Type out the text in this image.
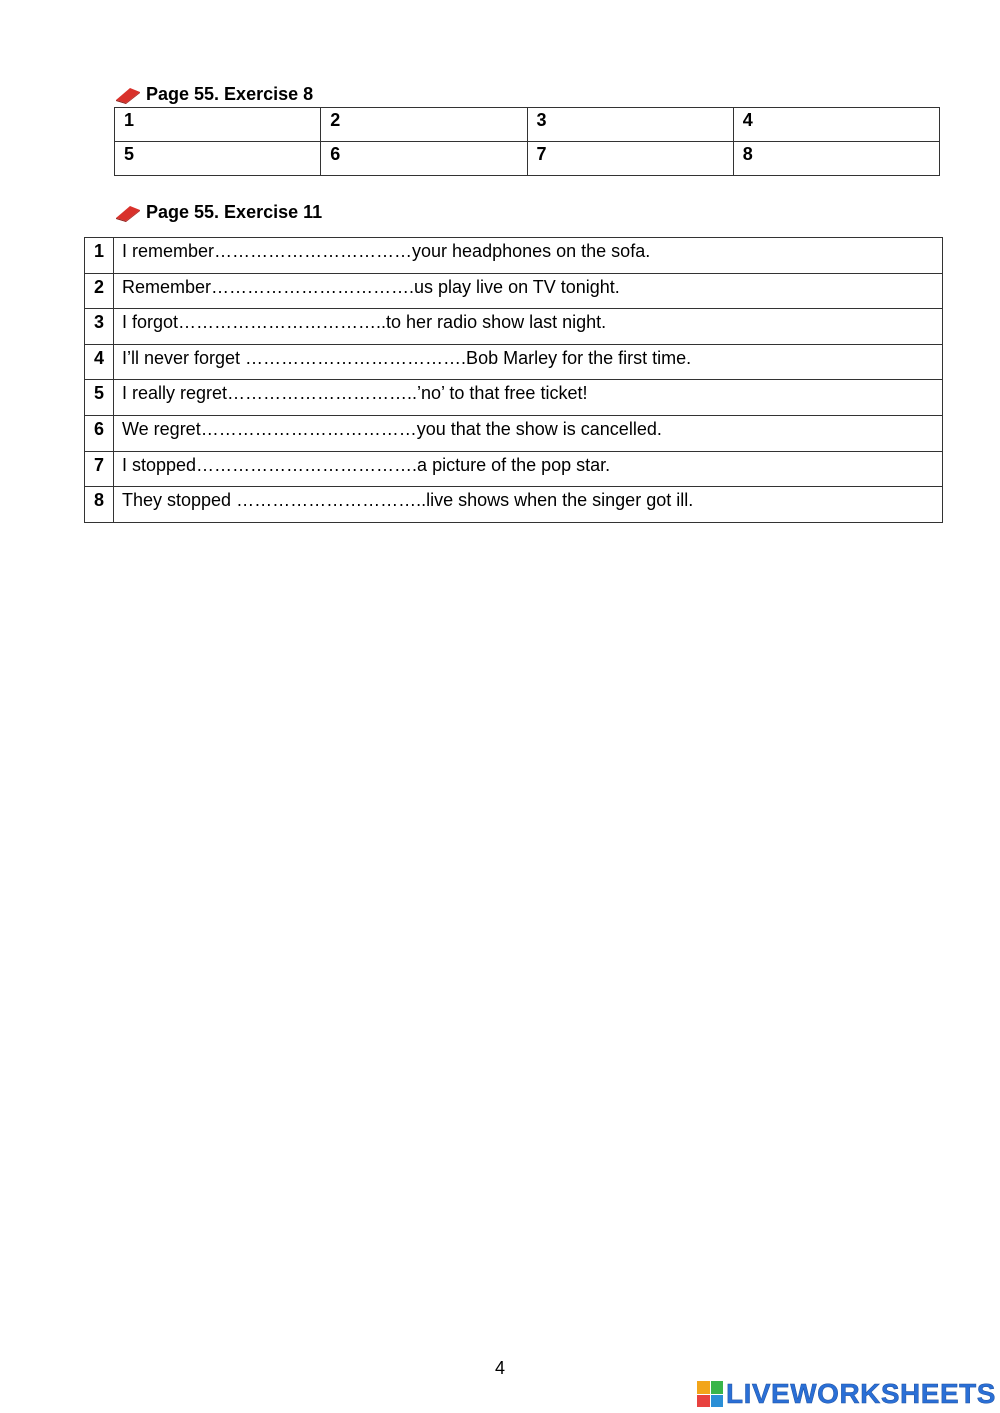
Page 55. Exercise 8
1	2	3	4
5	6	7	8
Page 55. Exercise 11
1	I remember……………………………your headphones on the sofa.
2	Remember…………………………….us play live on TV tonight.
3	I forgot……………………………..to her radio show last night.
4	I’ll never forget ……………………………….Bob Marley for the first time.
5	I really regret…………………………..’no’ to that free ticket!
6	We regret………………………………you that the show is cancelled.
7	I stopped……………………………….a picture of the pop star.
8	They stopped …………………………..live shows when the singer got ill.
4
LIVEWORKSHEETS
